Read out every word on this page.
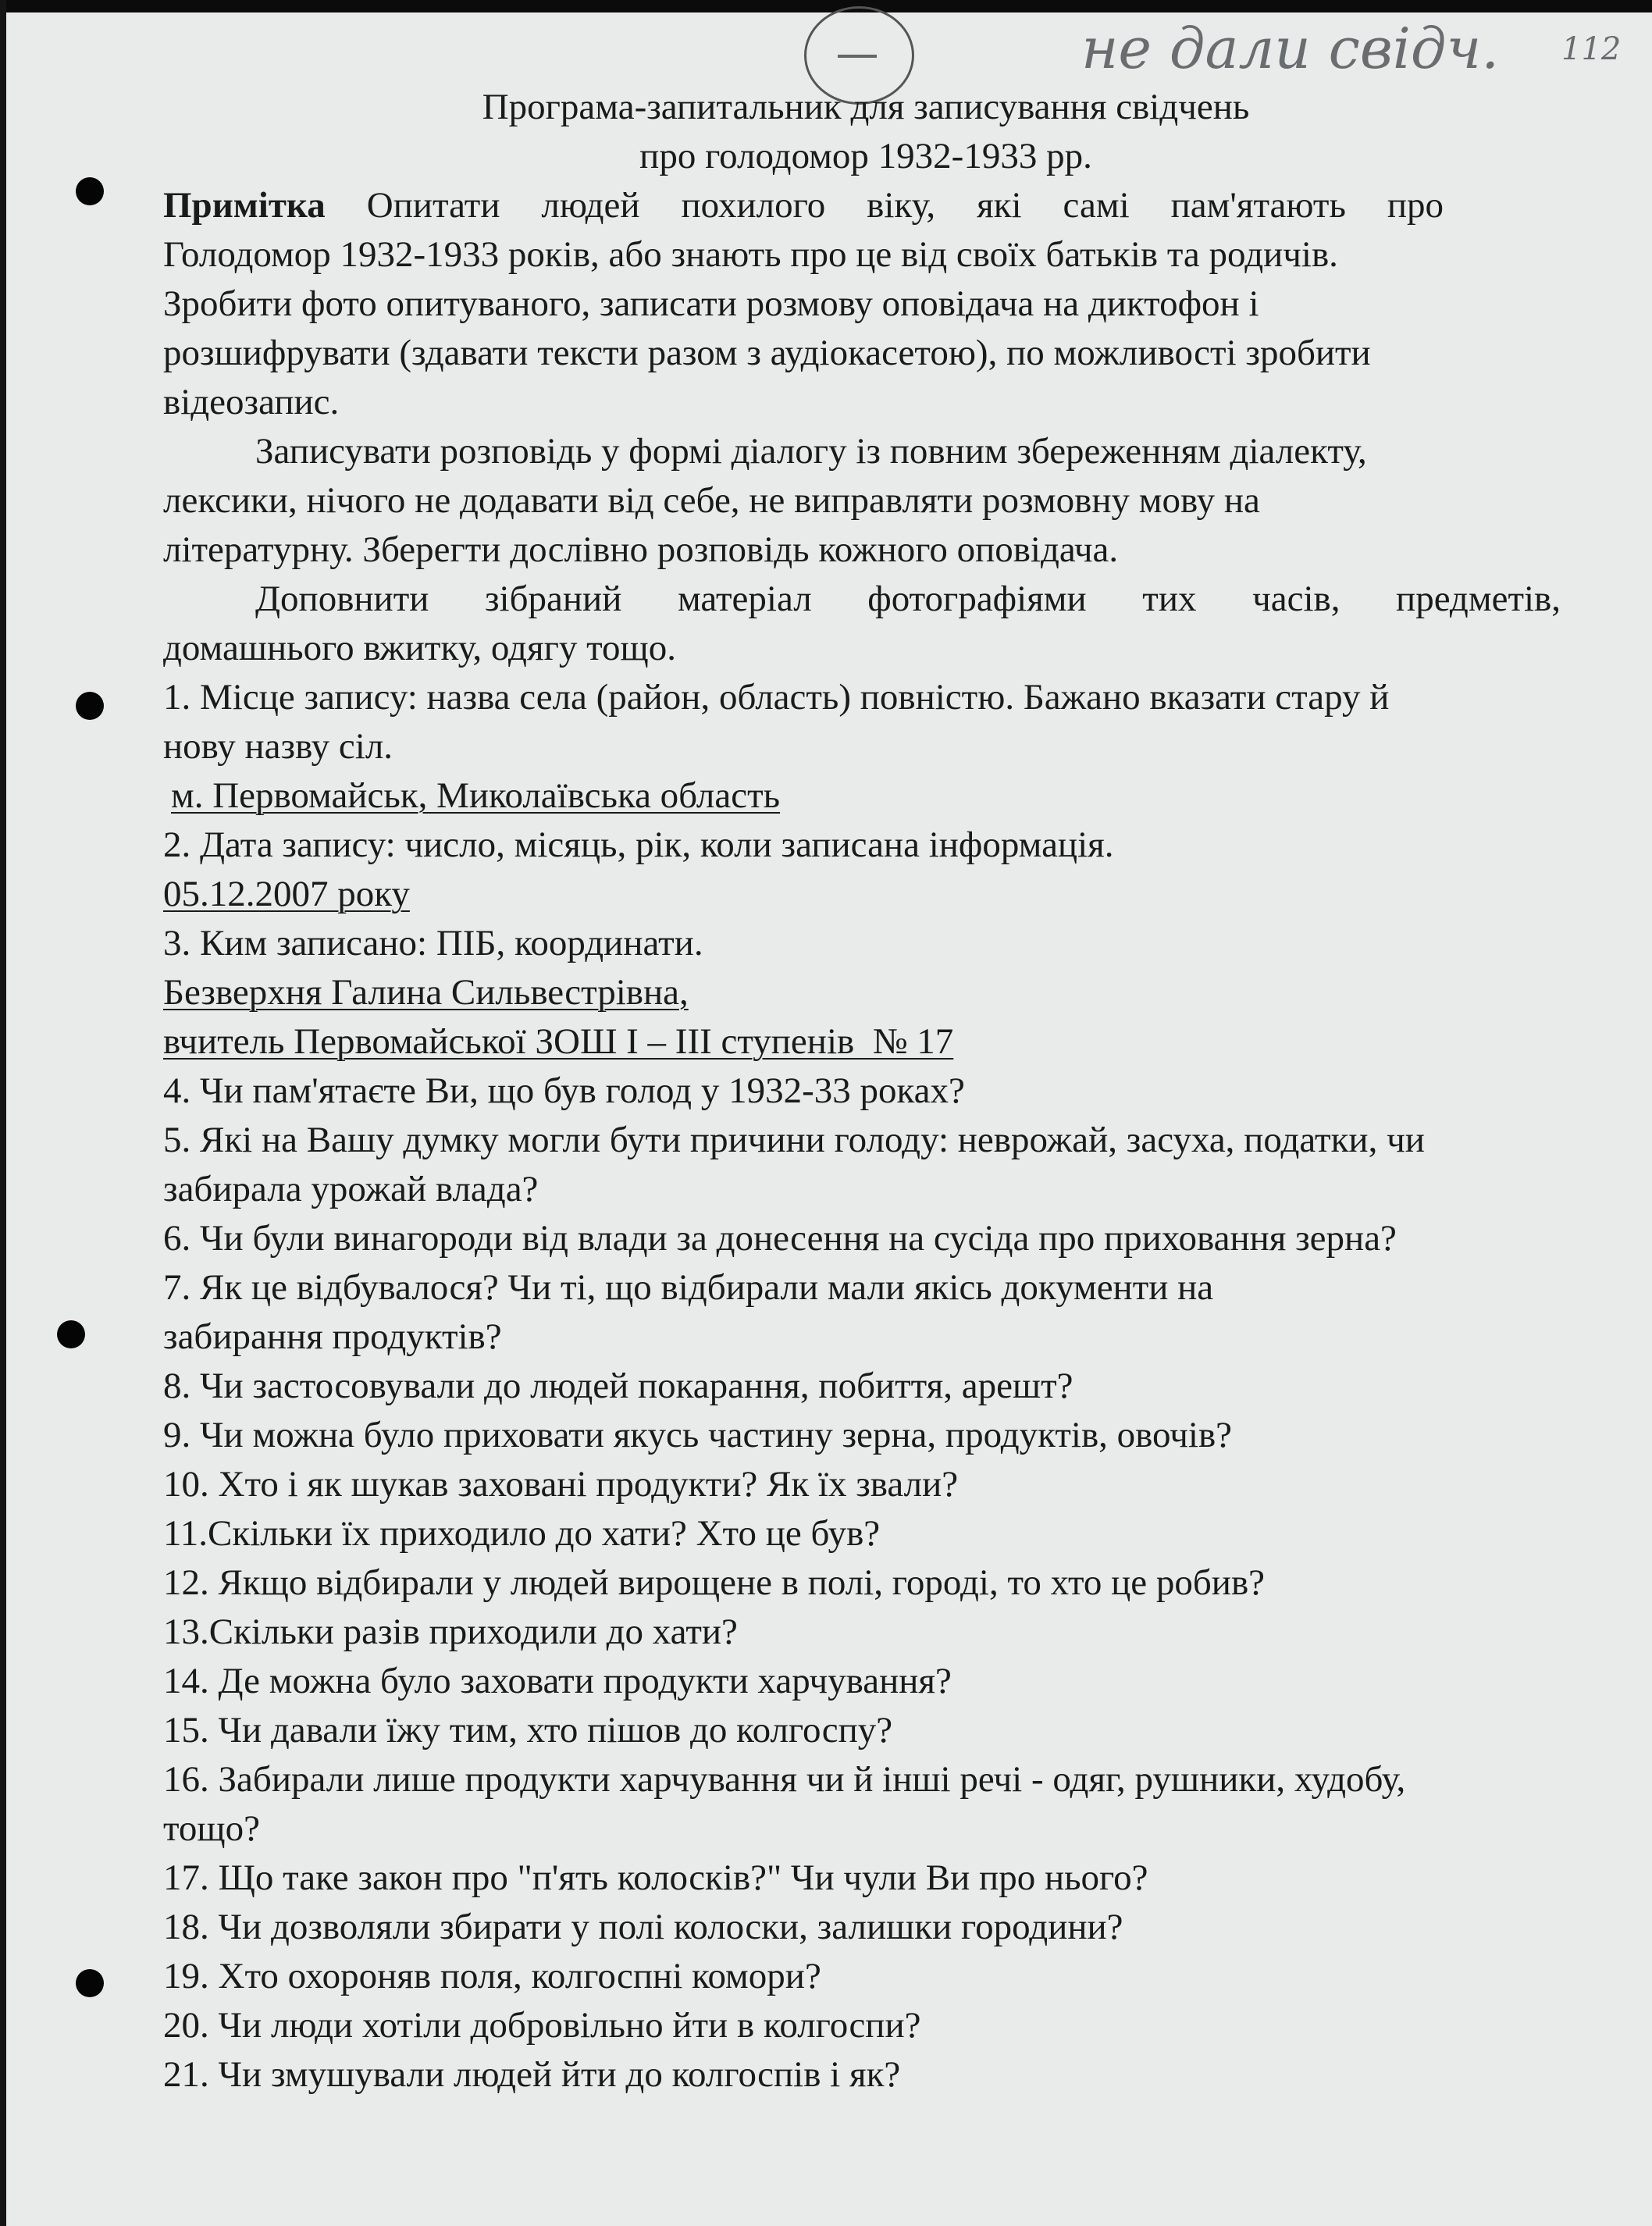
не дали свідч. 112
Програма-запитальник для записування свідчень
про голодомор 1932-1933 рр.
Примітка Опитати людей похилого віку, які самі пам'ятають про
Голодомор 1932-1933 років, або знають про це від своїх батьків та родичів.
Зробити фото опитуваного, записати розмову оповідача на диктофон і
розшифрувати (здавати тексти разом з аудіокасетою), по можливості зробити
відеозапис.
Записувати розповідь у формі діалогу із повним збереженням діалекту,
лексики, нічого не додавати від себе, не виправляти розмовну мову на
літературну. Зберегти дослівно розповідь кожного оповідача.
Доповнити зібраний матеріал фотографіями тих часів, предметів,
домашнього вжитку, одягу тощо.
1. Місце запису: назва села (район, область) повністю. Бажано вказати стару й
нову назву сіл.
м. Первомайськ, Миколаївська область
2. Дата запису: число, місяць, рік, коли записана інформація.
05.12.2007 року
3. Ким записано: ПІБ, координати.
Безверхня Галина Сильвестрівна,
вчитель Первомайської ЗОШ І – ІІІ ступенів  № 17
4. Чи пам'ятаєте Ви, що був голод у 1932-33 роках?
5. Які на Вашу думку могли бути причини голоду: неврожай, засуха, податки, чи
забирала урожай влада?
6. Чи були винагороди від влади за донесення на сусіда про приховання зерна?
7. Як це відбувалося? Чи ті, що відбирали мали якісь документи на
забирання продуктів?
8. Чи застосовували до людей покарання, побиття, арешт?
9. Чи можна було приховати якусь частину зерна, продуктів, овочів?
10. Хто і як шукав заховані продукти? Як їх звали?
11.Скільки їх приходило до хати? Хто це був?
12. Якщо відбирали у людей вирощене в полі, городі, то хто це робив?
13.Скільки разів приходили до хати?
14. Де можна було заховати продукти харчування?
15. Чи давали їжу тим, хто пішов до колгоспу?
16. Забирали лише продукти харчування чи й інші речі - одяг, рушники, худобу,
тощо?
17. Що таке закон про "п'ять колосків?" Чи чули Ви про нього?
18. Чи дозволяли збирати у полі колоски, залишки городини?
19. Хто охороняв поля, колгоспні комори?
20. Чи люди хотіли добровільно йти в колгоспи?
21. Чи змушували людей йти до колгоспів і як?
